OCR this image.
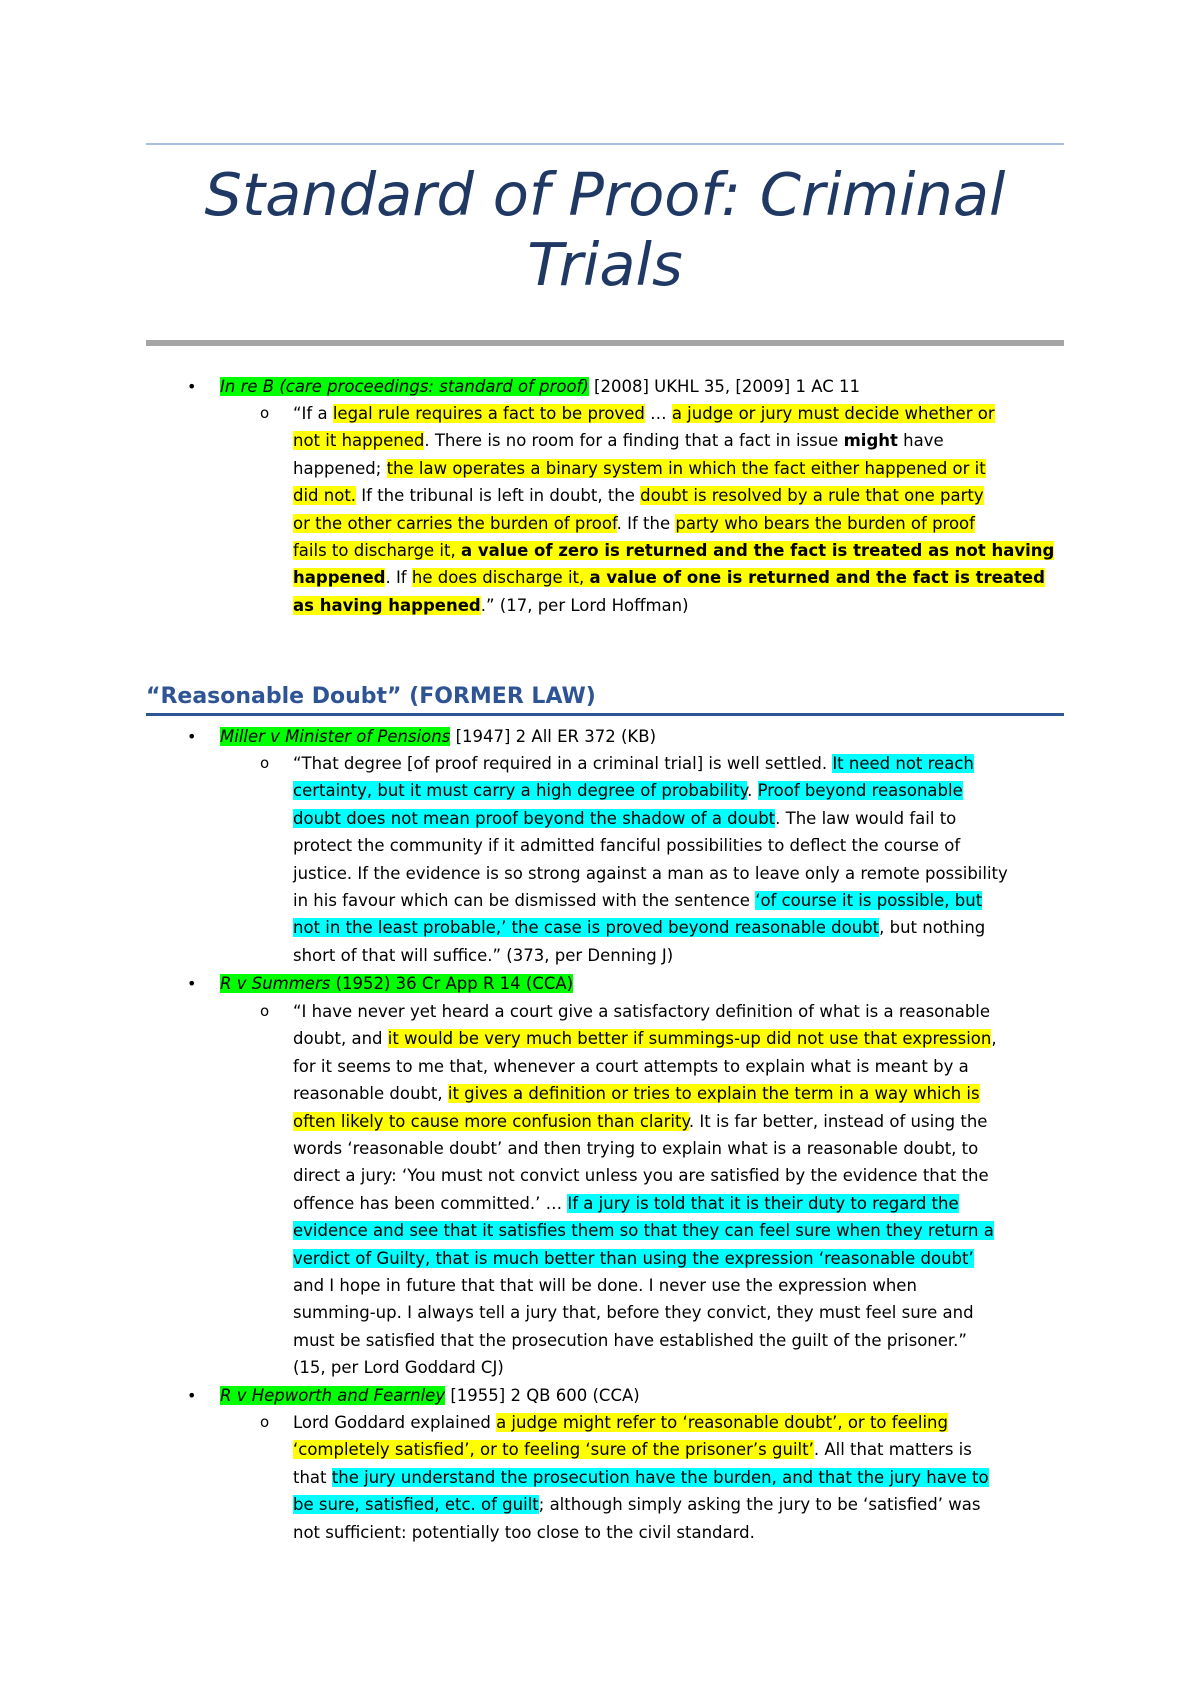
Standard of Proof: Criminal
Trials
• In re B (care proceedings: standard of proof) [2008] UKHL 35, [2009] 1 AC 11
o “If a legal rule requires a fact to be proved … a judge or jury must decide whether or
not it happened. There is no room for a finding that a fact in issue might have
happened; the law operates a binary system in which the fact either happened or it
did not. If the tribunal is left in doubt, the doubt is resolved by a rule that one party
or the other carries the burden of proof. If the party who bears the burden of proof
fails to discharge it, a value of zero is returned and the fact is treated as not having
happened. If he does discharge it, a value of one is returned and the fact is treated
as having happened.” (17, per Lord Hoffman)
“Reasonable Doubt” (FORMER LAW)
• Miller v Minister of Pensions [1947] 2 All ER 372 (KB)
o “That degree [of proof required in a criminal trial] is well settled. It need not reach
certainty, but it must carry a high degree of probability. Proof beyond reasonable
doubt does not mean proof beyond the shadow of a doubt. The law would fail to
protect the community if it admitted fanciful possibilities to deflect the course of
justice. If the evidence is so strong against a man as to leave only a remote possibility
in his favour which can be dismissed with the sentence ‘of course it is possible, but
not in the least probable,’ the case is proved beyond reasonable doubt, but nothing
short of that will suffice.” (373, per Denning J)
• R v Summers (1952) 36 Cr App R 14 (CCA)
o “I have never yet heard a court give a satisfactory definition of what is a reasonable
doubt, and it would be very much better if summings-up did not use that expression,
for it seems to me that, whenever a court attempts to explain what is meant by a
reasonable doubt, it gives a definition or tries to explain the term in a way which is
often likely to cause more confusion than clarity. It is far better, instead of using the
words ‘reasonable doubt’ and then trying to explain what is a reasonable doubt, to
direct a jury: ‘You must not convict unless you are satisfied by the evidence that the
offence has been committed.’ … If a jury is told that it is their duty to regard the
evidence and see that it satisfies them so that they can feel sure when they return a
verdict of Guilty, that is much better than using the expression ‘reasonable doubt’
and I hope in future that that will be done. I never use the expression when
summing-up. I always tell a jury that, before they convict, they must feel sure and
must be satisfied that the prosecution have established the guilt of the prisoner.”
(15, per Lord Goddard CJ)
• R v Hepworth and Fearnley [1955] 2 QB 600 (CCA)
o Lord Goddard explained a judge might refer to ‘reasonable doubt’, or to feeling
‘completely satisfied’, or to feeling ‘sure of the prisoner’s guilt’. All that matters is
that the jury understand the prosecution have the burden, and that the jury have to
be sure, satisfied, etc. of guilt; although simply asking the jury to be ‘satisfied’ was
not sufficient: potentially too close to the civil standard.
